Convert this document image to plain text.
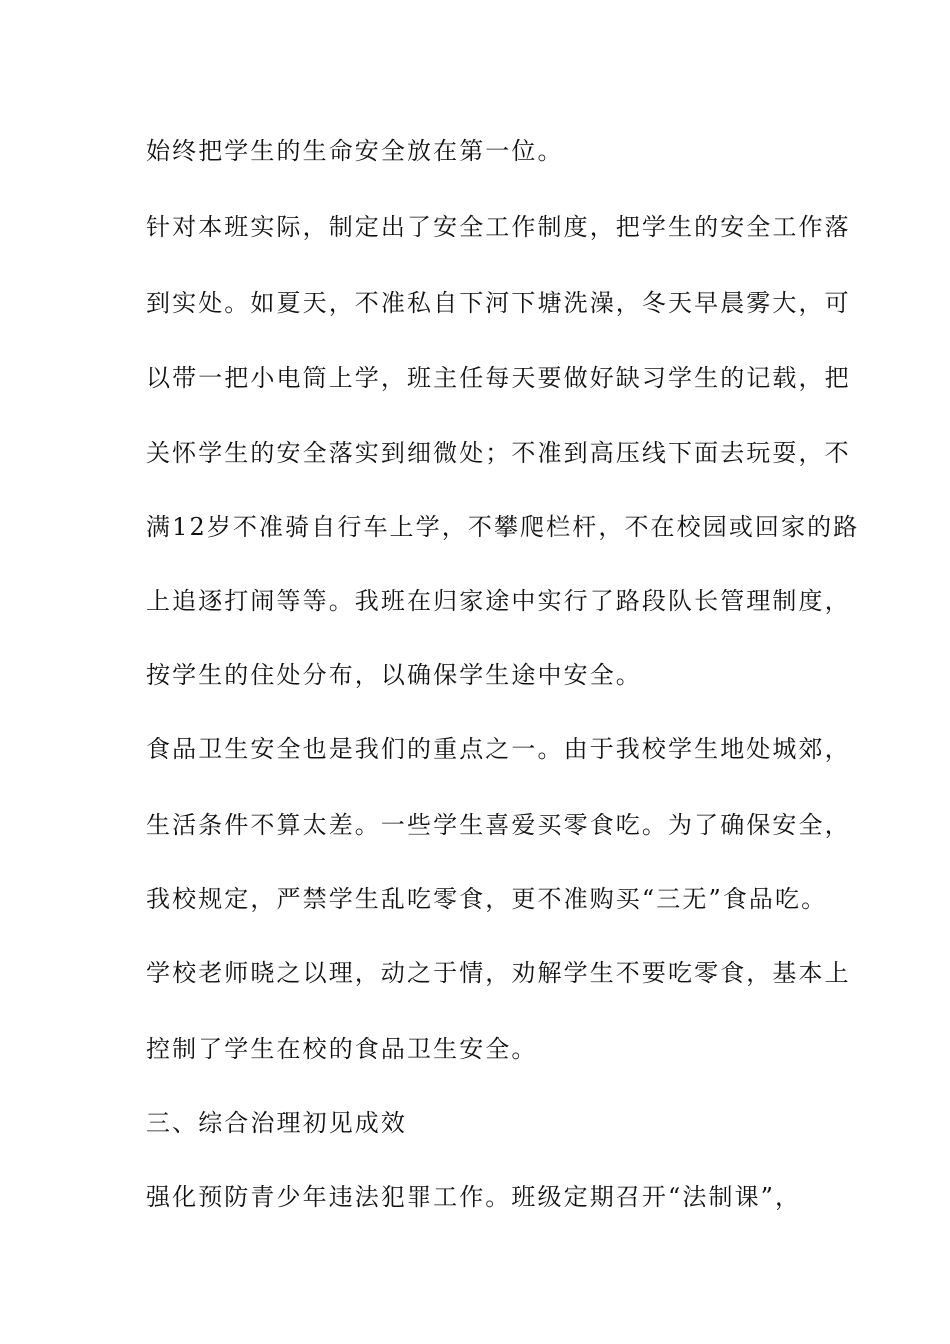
始终把学生的生命安全放在第一位。
针对本班实际，制定出了安全工作制度，把学生的安全工作落
到实处。如夏天，不准私自下河下塘洗澡，冬天早晨雾大，可
以带一把小电筒上学，班主任每天要做好缺习学生的记载，把
关怀学生的安全落实到细微处；不准到高压线下面去玩耍，不
满12岁不准骑自行车上学，不攀爬栏杆，不在校园或回家的路
上追逐打闹等等。我班在归家途中实行了路段队长管理制度，
按学生的住处分布，以确保学生途中安全。
食品卫生安全也是我们的重点之一。由于我校学生地处城郊，
生活条件不算太差。一些学生喜爱买零食吃。为了确保安全，
我校规定，严禁学生乱吃零食，更不准购买“三无”食品吃。
学校老师晓之以理，动之于情，劝解学生不要吃零食，基本上
控制了学生在校的食品卫生安全。
三、综合治理初见成效
强化预防青少年违法犯罪工作。班级定期召开“法制课”，
